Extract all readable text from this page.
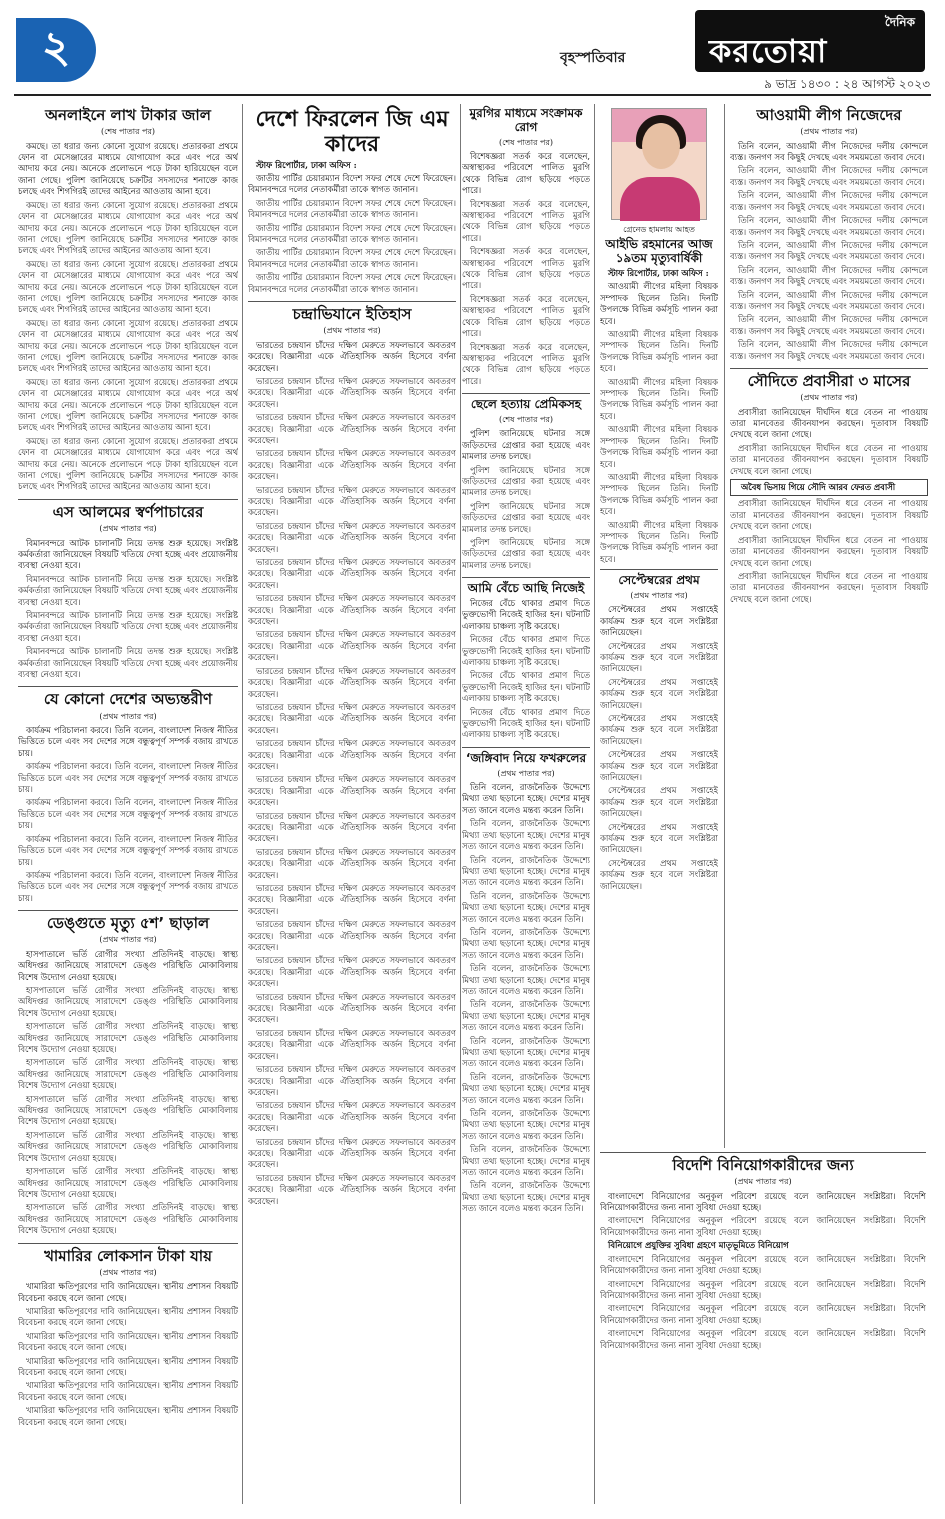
২	বৃহস্পতিবার
দৈনিক
করতোয়া
৯ ভাদ্র ১৪৩০ : ২৪ আগস্ট ২০২৩
অনলাইনে লাখ টাকার জাল
(শেষ পাতার পর)

কমছে। তা ধরার জন্য কোনো সুযোগ রয়েছে। প্রতারকরা প্রথমে ফোন বা মেসেঞ্জারের মাধ্যমে যোগাযোগ করে এবং পরে অর্থ আদায় করে নেয়। অনেকে প্রলোভনে পড়ে টাকা হারিয়েছেন বলে জানা গেছে। পুলিশ জানিয়েছে চক্রটির সদস্যদের শনাক্তে কাজ চলছে এবং শিগগিরই তাদের আইনের আওতায় আনা হবে।

কমছে। তা ধরার জন্য কোনো সুযোগ রয়েছে। প্রতারকরা প্রথমে ফোন বা মেসেঞ্জারের মাধ্যমে যোগাযোগ করে এবং পরে অর্থ আদায় করে নেয়। অনেকে প্রলোভনে পড়ে টাকা হারিয়েছেন বলে জানা গেছে। পুলিশ জানিয়েছে চক্রটির সদস্যদের শনাক্তে কাজ চলছে এবং শিগগিরই তাদের আইনের আওতায় আনা হবে।

কমছে। তা ধরার জন্য কোনো সুযোগ রয়েছে। প্রতারকরা প্রথমে ফোন বা মেসেঞ্জারের মাধ্যমে যোগাযোগ করে এবং পরে অর্থ আদায় করে নেয়। অনেকে প্রলোভনে পড়ে টাকা হারিয়েছেন বলে জানা গেছে। পুলিশ জানিয়েছে চক্রটির সদস্যদের শনাক্তে কাজ চলছে এবং শিগগিরই তাদের আইনের আওতায় আনা হবে।

কমছে। তা ধরার জন্য কোনো সুযোগ রয়েছে। প্রতারকরা প্রথমে ফোন বা মেসেঞ্জারের মাধ্যমে যোগাযোগ করে এবং পরে অর্থ আদায় করে নেয়। অনেকে প্রলোভনে পড়ে টাকা হারিয়েছেন বলে জানা গেছে। পুলিশ জানিয়েছে চক্রটির সদস্যদের শনাক্তে কাজ চলছে এবং শিগগিরই তাদের আইনের আওতায় আনা হবে।

কমছে। তা ধরার জন্য কোনো সুযোগ রয়েছে। প্রতারকরা প্রথমে ফোন বা মেসেঞ্জারের মাধ্যমে যোগাযোগ করে এবং পরে অর্থ আদায় করে নেয়। অনেকে প্রলোভনে পড়ে টাকা হারিয়েছেন বলে জানা গেছে। পুলিশ জানিয়েছে চক্রটির সদস্যদের শনাক্তে কাজ চলছে এবং শিগগিরই তাদের আইনের আওতায় আনা হবে।

কমছে। তা ধরার জন্য কোনো সুযোগ রয়েছে। প্রতারকরা প্রথমে ফোন বা মেসেঞ্জারের মাধ্যমে যোগাযোগ করে এবং পরে অর্থ আদায় করে নেয়। অনেকে প্রলোভনে পড়ে টাকা হারিয়েছেন বলে জানা গেছে। পুলিশ জানিয়েছে চক্রটির সদস্যদের শনাক্তে কাজ চলছে এবং শিগগিরই তাদের আইনের আওতায় আনা হবে।

এস আলমের স্বর্ণপাচারের
(প্রথম পাতার পর)

বিমানবন্দরে আটক চালানটি নিয়ে তদন্ত শুরু হয়েছে। সংশ্লিষ্ট কর্মকর্তারা জানিয়েছেন বিষয়টি খতিয়ে দেখা হচ্ছে এবং প্রয়োজনীয় ব্যবস্থা নেওয়া হবে।

বিমানবন্দরে আটক চালানটি নিয়ে তদন্ত শুরু হয়েছে। সংশ্লিষ্ট কর্মকর্তারা জানিয়েছেন বিষয়টি খতিয়ে দেখা হচ্ছে এবং প্রয়োজনীয় ব্যবস্থা নেওয়া হবে।

বিমানবন্দরে আটক চালানটি নিয়ে তদন্ত শুরু হয়েছে। সংশ্লিষ্ট কর্মকর্তারা জানিয়েছেন বিষয়টি খতিয়ে দেখা হচ্ছে এবং প্রয়োজনীয় ব্যবস্থা নেওয়া হবে।

বিমানবন্দরে আটক চালানটি নিয়ে তদন্ত শুরু হয়েছে। সংশ্লিষ্ট কর্মকর্তারা জানিয়েছেন বিষয়টি খতিয়ে দেখা হচ্ছে এবং প্রয়োজনীয় ব্যবস্থা নেওয়া হবে।

যে কোনো দেশের অভ্যন্তরীণ
(প্রথম পাতার পর)

কার্যক্রম পরিচালনা করবে। তিনি বলেন, বাংলাদেশ নিজস্ব নীতির ভিত্তিতে চলে এবং সব দেশের সঙ্গে বন্ধুত্বপূর্ণ সম্পর্ক বজায় রাখতে চায়।

কার্যক্রম পরিচালনা করবে। তিনি বলেন, বাংলাদেশ নিজস্ব নীতির ভিত্তিতে চলে এবং সব দেশের সঙ্গে বন্ধুত্বপূর্ণ সম্পর্ক বজায় রাখতে চায়।

কার্যক্রম পরিচালনা করবে। তিনি বলেন, বাংলাদেশ নিজস্ব নীতির ভিত্তিতে চলে এবং সব দেশের সঙ্গে বন্ধুত্বপূর্ণ সম্পর্ক বজায় রাখতে চায়।

কার্যক্রম পরিচালনা করবে। তিনি বলেন, বাংলাদেশ নিজস্ব নীতির ভিত্তিতে চলে এবং সব দেশের সঙ্গে বন্ধুত্বপূর্ণ সম্পর্ক বজায় রাখতে চায়।

কার্যক্রম পরিচালনা করবে। তিনি বলেন, বাংলাদেশ নিজস্ব নীতির ভিত্তিতে চলে এবং সব দেশের সঙ্গে বন্ধুত্বপূর্ণ সম্পর্ক বজায় রাখতে চায়।

ডেঙ্গুতে মৃত্যু ৫শ’ ছাড়াল
(প্রথম পাতার পর)

হাসপাতালে ভর্তি রোগীর সংখ্যা প্রতিদিনই বাড়ছে। স্বাস্থ্য অধিদপ্তর জানিয়েছে সারাদেশে ডেঙ্গু পরিস্থিতি মোকাবিলায় বিশেষ উদ্যোগ নেওয়া হয়েছে।

হাসপাতালে ভর্তি রোগীর সংখ্যা প্রতিদিনই বাড়ছে। স্বাস্থ্য অধিদপ্তর জানিয়েছে সারাদেশে ডেঙ্গু পরিস্থিতি মোকাবিলায় বিশেষ উদ্যোগ নেওয়া হয়েছে।

হাসপাতালে ভর্তি রোগীর সংখ্যা প্রতিদিনই বাড়ছে। স্বাস্থ্য অধিদপ্তর জানিয়েছে সারাদেশে ডেঙ্গু পরিস্থিতি মোকাবিলায় বিশেষ উদ্যোগ নেওয়া হয়েছে।

হাসপাতালে ভর্তি রোগীর সংখ্যা প্রতিদিনই বাড়ছে। স্বাস্থ্য অধিদপ্তর জানিয়েছে সারাদেশে ডেঙ্গু পরিস্থিতি মোকাবিলায় বিশেষ উদ্যোগ নেওয়া হয়েছে।

হাসপাতালে ভর্তি রোগীর সংখ্যা প্রতিদিনই বাড়ছে। স্বাস্থ্য অধিদপ্তর জানিয়েছে সারাদেশে ডেঙ্গু পরিস্থিতি মোকাবিলায় বিশেষ উদ্যোগ নেওয়া হয়েছে।

হাসপাতালে ভর্তি রোগীর সংখ্যা প্রতিদিনই বাড়ছে। স্বাস্থ্য অধিদপ্তর জানিয়েছে সারাদেশে ডেঙ্গু পরিস্থিতি মোকাবিলায় বিশেষ উদ্যোগ নেওয়া হয়েছে।

হাসপাতালে ভর্তি রোগীর সংখ্যা প্রতিদিনই বাড়ছে। স্বাস্থ্য অধিদপ্তর জানিয়েছে সারাদেশে ডেঙ্গু পরিস্থিতি মোকাবিলায় বিশেষ উদ্যোগ নেওয়া হয়েছে।

হাসপাতালে ভর্তি রোগীর সংখ্যা প্রতিদিনই বাড়ছে। স্বাস্থ্য অধিদপ্তর জানিয়েছে সারাদেশে ডেঙ্গু পরিস্থিতি মোকাবিলায় বিশেষ উদ্যোগ নেওয়া হয়েছে।

খামারির লোকসান টাকা যায়
(প্রথম পাতার পর)

খামারিরা ক্ষতিপূরণের দাবি জানিয়েছেন। স্থানীয় প্রশাসন বিষয়টি বিবেচনা করছে বলে জানা গেছে।

খামারিরা ক্ষতিপূরণের দাবি জানিয়েছেন। স্থানীয় প্রশাসন বিষয়টি বিবেচনা করছে বলে জানা গেছে।

খামারিরা ক্ষতিপূরণের দাবি জানিয়েছেন। স্থানীয় প্রশাসন বিষয়টি বিবেচনা করছে বলে জানা গেছে।

খামারিরা ক্ষতিপূরণের দাবি জানিয়েছেন। স্থানীয় প্রশাসন বিষয়টি বিবেচনা করছে বলে জানা গেছে।

খামারিরা ক্ষতিপূরণের দাবি জানিয়েছেন। স্থানীয় প্রশাসন বিষয়টি বিবেচনা করছে বলে জানা গেছে।

খামারিরা ক্ষতিপূরণের দাবি জানিয়েছেন। স্থানীয় প্রশাসন বিষয়টি বিবেচনা করছে বলে জানা গেছে।

দেশে ফিরলেন জি এম কাদের

স্টাফ রিপোর্টার, ঢাকা অফিস :

জাতীয় পার্টির চেয়ারম্যান বিদেশ সফর শেষে দেশে ফিরেছেন। বিমানবন্দরে দলের নেতাকর্মীরা তাকে স্বাগত জানান।

জাতীয় পার্টির চেয়ারম্যান বিদেশ সফর শেষে দেশে ফিরেছেন। বিমানবন্দরে দলের নেতাকর্মীরা তাকে স্বাগত জানান।

জাতীয় পার্টির চেয়ারম্যান বিদেশ সফর শেষে দেশে ফিরেছেন। বিমানবন্দরে দলের নেতাকর্মীরা তাকে স্বাগত জানান।

জাতীয় পার্টির চেয়ারম্যান বিদেশ সফর শেষে দেশে ফিরেছেন। বিমানবন্দরে দলের নেতাকর্মীরা তাকে স্বাগত জানান।

জাতীয় পার্টির চেয়ারম্যান বিদেশ সফর শেষে দেশে ফিরেছেন। বিমানবন্দরে দলের নেতাকর্মীরা তাকে স্বাগত জানান।

চন্দ্রাভিযানে ইতিহাস
(প্রথম পাতার পর)

ভারতের চন্দ্রযান চাঁদের দক্ষিণ মেরুতে সফলভাবে অবতরণ করেছে। বিজ্ঞানীরা একে ঐতিহাসিক অর্জন হিসেবে বর্ণনা করেছেন।

ভারতের চন্দ্রযান চাঁদের দক্ষিণ মেরুতে সফলভাবে অবতরণ করেছে। বিজ্ঞানীরা একে ঐতিহাসিক অর্জন হিসেবে বর্ণনা করেছেন।

ভারতের চন্দ্রযান চাঁদের দক্ষিণ মেরুতে সফলভাবে অবতরণ করেছে। বিজ্ঞানীরা একে ঐতিহাসিক অর্জন হিসেবে বর্ণনা করেছেন।

ভারতের চন্দ্রযান চাঁদের দক্ষিণ মেরুতে সফলভাবে অবতরণ করেছে। বিজ্ঞানীরা একে ঐতিহাসিক অর্জন হিসেবে বর্ণনা করেছেন।

ভারতের চন্দ্রযান চাঁদের দক্ষিণ মেরুতে সফলভাবে অবতরণ করেছে। বিজ্ঞানীরা একে ঐতিহাসিক অর্জন হিসেবে বর্ণনা করেছেন।

ভারতের চন্দ্রযান চাঁদের দক্ষিণ মেরুতে সফলভাবে অবতরণ করেছে। বিজ্ঞানীরা একে ঐতিহাসিক অর্জন হিসেবে বর্ণনা করেছেন।

ভারতের চন্দ্রযান চাঁদের দক্ষিণ মেরুতে সফলভাবে অবতরণ করেছে। বিজ্ঞানীরা একে ঐতিহাসিক অর্জন হিসেবে বর্ণনা করেছেন।

ভারতের চন্দ্রযান চাঁদের দক্ষিণ মেরুতে সফলভাবে অবতরণ করেছে। বিজ্ঞানীরা একে ঐতিহাসিক অর্জন হিসেবে বর্ণনা করেছেন।

ভারতের চন্দ্রযান চাঁদের দক্ষিণ মেরুতে সফলভাবে অবতরণ করেছে। বিজ্ঞানীরা একে ঐতিহাসিক অর্জন হিসেবে বর্ণনা করেছেন।

ভারতের চন্দ্রযান চাঁদের দক্ষিণ মেরুতে সফলভাবে অবতরণ করেছে। বিজ্ঞানীরা একে ঐতিহাসিক অর্জন হিসেবে বর্ণনা করেছেন।

ভারতের চন্দ্রযান চাঁদের দক্ষিণ মেরুতে সফলভাবে অবতরণ করেছে। বিজ্ঞানীরা একে ঐতিহাসিক অর্জন হিসেবে বর্ণনা করেছেন।

ভারতের চন্দ্রযান চাঁদের দক্ষিণ মেরুতে সফলভাবে অবতরণ করেছে। বিজ্ঞানীরা একে ঐতিহাসিক অর্জন হিসেবে বর্ণনা করেছেন।

ভারতের চন্দ্রযান চাঁদের দক্ষিণ মেরুতে সফলভাবে অবতরণ করেছে। বিজ্ঞানীরা একে ঐতিহাসিক অর্জন হিসেবে বর্ণনা করেছেন।

ভারতের চন্দ্রযান চাঁদের দক্ষিণ মেরুতে সফলভাবে অবতরণ করেছে। বিজ্ঞানীরা একে ঐতিহাসিক অর্জন হিসেবে বর্ণনা করেছেন।

ভারতের চন্দ্রযান চাঁদের দক্ষিণ মেরুতে সফলভাবে অবতরণ করেছে। বিজ্ঞানীরা একে ঐতিহাসিক অর্জন হিসেবে বর্ণনা করেছেন।

ভারতের চন্দ্রযান চাঁদের দক্ষিণ মেরুতে সফলভাবে অবতরণ করেছে। বিজ্ঞানীরা একে ঐতিহাসিক অর্জন হিসেবে বর্ণনা করেছেন।

ভারতের চন্দ্রযান চাঁদের দক্ষিণ মেরুতে সফলভাবে অবতরণ করেছে। বিজ্ঞানীরা একে ঐতিহাসিক অর্জন হিসেবে বর্ণনা করেছেন।

ভারতের চন্দ্রযান চাঁদের দক্ষিণ মেরুতে সফলভাবে অবতরণ করেছে। বিজ্ঞানীরা একে ঐতিহাসিক অর্জন হিসেবে বর্ণনা করেছেন।

ভারতের চন্দ্রযান চাঁদের দক্ষিণ মেরুতে সফলভাবে অবতরণ করেছে। বিজ্ঞানীরা একে ঐতিহাসিক অর্জন হিসেবে বর্ণনা করেছেন।

ভারতের চন্দ্রযান চাঁদের দক্ষিণ মেরুতে সফলভাবে অবতরণ করেছে। বিজ্ঞানীরা একে ঐতিহাসিক অর্জন হিসেবে বর্ণনা করেছেন।

ভারতের চন্দ্রযান চাঁদের দক্ষিণ মেরুতে সফলভাবে অবতরণ করেছে। বিজ্ঞানীরা একে ঐতিহাসিক অর্জন হিসেবে বর্ণনা করেছেন।

ভারতের চন্দ্রযান চাঁদের দক্ষিণ মেরুতে সফলভাবে অবতরণ করেছে। বিজ্ঞানীরা একে ঐতিহাসিক অর্জন হিসেবে বর্ণনা করেছেন।

ভারতের চন্দ্রযান চাঁদের দক্ষিণ মেরুতে সফলভাবে অবতরণ করেছে। বিজ্ঞানীরা একে ঐতিহাসিক অর্জন হিসেবে বর্ণনা করেছেন।

ভারতের চন্দ্রযান চাঁদের দক্ষিণ মেরুতে সফলভাবে অবতরণ করেছে। বিজ্ঞানীরা একে ঐতিহাসিক অর্জন হিসেবে বর্ণনা করেছেন।

মুরগির মাধ্যমে সংক্রামক রোগ
(শেষ পাতার পর)

বিশেষজ্ঞরা সতর্ক করে বলেছেন, অস্বাস্থ্যকর পরিবেশে পালিত মুরগি থেকে বিভিন্ন রোগ ছড়িয়ে পড়তে পারে।

বিশেষজ্ঞরা সতর্ক করে বলেছেন, অস্বাস্থ্যকর পরিবেশে পালিত মুরগি থেকে বিভিন্ন রোগ ছড়িয়ে পড়তে পারে।

বিশেষজ্ঞরা সতর্ক করে বলেছেন, অস্বাস্থ্যকর পরিবেশে পালিত মুরগি থেকে বিভিন্ন রোগ ছড়িয়ে পড়তে পারে।

বিশেষজ্ঞরা সতর্ক করে বলেছেন, অস্বাস্থ্যকর পরিবেশে পালিত মুরগি থেকে বিভিন্ন রোগ ছড়িয়ে পড়তে পারে।

বিশেষজ্ঞরা সতর্ক করে বলেছেন, অস্বাস্থ্যকর পরিবেশে পালিত মুরগি থেকে বিভিন্ন রোগ ছড়িয়ে পড়তে পারে।

ছেলে হত্যায় প্রেমিকসহ
(শেষ পাতার পর)

পুলিশ জানিয়েছে ঘটনার সঙ্গে জড়িতদের গ্রেপ্তার করা হয়েছে এবং মামলার তদন্ত চলছে।

পুলিশ জানিয়েছে ঘটনার সঙ্গে জড়িতদের গ্রেপ্তার করা হয়েছে এবং মামলার তদন্ত চলছে।

পুলিশ জানিয়েছে ঘটনার সঙ্গে জড়িতদের গ্রেপ্তার করা হয়েছে এবং মামলার তদন্ত চলছে।

পুলিশ জানিয়েছে ঘটনার সঙ্গে জড়িতদের গ্রেপ্তার করা হয়েছে এবং মামলার তদন্ত চলছে।

আমি বেঁচে আছি নিজেই

নিজের বেঁচে থাকার প্রমাণ দিতে ভুক্তভোগী নিজেই হাজির হন। ঘটনাটি এলাকায় চাঞ্চল্য সৃষ্টি করেছে।

নিজের বেঁচে থাকার প্রমাণ দিতে ভুক্তভোগী নিজেই হাজির হন। ঘটনাটি এলাকায় চাঞ্চল্য সৃষ্টি করেছে।

নিজের বেঁচে থাকার প্রমাণ দিতে ভুক্তভোগী নিজেই হাজির হন। ঘটনাটি এলাকায় চাঞ্চল্য সৃষ্টি করেছে।

নিজের বেঁচে থাকার প্রমাণ দিতে ভুক্তভোগী নিজেই হাজির হন। ঘটনাটি এলাকায় চাঞ্চল্য সৃষ্টি করেছে।

‘জঙ্গিবাদ নিয়ে ফখরুলের
(প্রথম পাতার পর)

তিনি বলেন, রাজনৈতিক উদ্দেশ্যে মিথ্যা তথ্য ছড়ানো হচ্ছে। দেশের মানুষ সত্য জানে বলেও মন্তব্য করেন তিনি।

তিনি বলেন, রাজনৈতিক উদ্দেশ্যে মিথ্যা তথ্য ছড়ানো হচ্ছে। দেশের মানুষ সত্য জানে বলেও মন্তব্য করেন তিনি।

তিনি বলেন, রাজনৈতিক উদ্দেশ্যে মিথ্যা তথ্য ছড়ানো হচ্ছে। দেশের মানুষ সত্য জানে বলেও মন্তব্য করেন তিনি।

তিনি বলেন, রাজনৈতিক উদ্দেশ্যে মিথ্যা তথ্য ছড়ানো হচ্ছে। দেশের মানুষ সত্য জানে বলেও মন্তব্য করেন তিনি।

তিনি বলেন, রাজনৈতিক উদ্দেশ্যে মিথ্যা তথ্য ছড়ানো হচ্ছে। দেশের মানুষ সত্য জানে বলেও মন্তব্য করেন তিনি।

তিনি বলেন, রাজনৈতিক উদ্দেশ্যে মিথ্যা তথ্য ছড়ানো হচ্ছে। দেশের মানুষ সত্য জানে বলেও মন্তব্য করেন তিনি।

তিনি বলেন, রাজনৈতিক উদ্দেশ্যে মিথ্যা তথ্য ছড়ানো হচ্ছে। দেশের মানুষ সত্য জানে বলেও মন্তব্য করেন তিনি।

তিনি বলেন, রাজনৈতিক উদ্দেশ্যে মিথ্যা তথ্য ছড়ানো হচ্ছে। দেশের মানুষ সত্য জানে বলেও মন্তব্য করেন তিনি।

তিনি বলেন, রাজনৈতিক উদ্দেশ্যে মিথ্যা তথ্য ছড়ানো হচ্ছে। দেশের মানুষ সত্য জানে বলেও মন্তব্য করেন তিনি।

তিনি বলেন, রাজনৈতিক উদ্দেশ্যে মিথ্যা তথ্য ছড়ানো হচ্ছে। দেশের মানুষ সত্য জানে বলেও মন্তব্য করেন তিনি।

তিনি বলেন, রাজনৈতিক উদ্দেশ্যে মিথ্যা তথ্য ছড়ানো হচ্ছে। দেশের মানুষ সত্য জানে বলেও মন্তব্য করেন তিনি।

তিনি বলেন, রাজনৈতিক উদ্দেশ্যে মিথ্যা তথ্য ছড়ানো হচ্ছে। দেশের মানুষ সত্য জানে বলেও মন্তব্য করেন তিনি।

গ্রেনেড হামলায় আহত
আইভি রহমানের আজ ১৯তম মৃত্যুবার্ষিকী

স্টাফ রিপোর্টার, ঢাকা অফিস :

আওয়ামী লীগের মহিলা বিষয়ক সম্পাদক ছিলেন তিনি। দিনটি উপলক্ষে বিভিন্ন কর্মসূচি পালন করা হবে।

আওয়ামী লীগের মহিলা বিষয়ক সম্পাদক ছিলেন তিনি। দিনটি উপলক্ষে বিভিন্ন কর্মসূচি পালন করা হবে।

আওয়ামী লীগের মহিলা বিষয়ক সম্পাদক ছিলেন তিনি। দিনটি উপলক্ষে বিভিন্ন কর্মসূচি পালন করা হবে।

আওয়ামী লীগের মহিলা বিষয়ক সম্পাদক ছিলেন তিনি। দিনটি উপলক্ষে বিভিন্ন কর্মসূচি পালন করা হবে।

আওয়ামী লীগের মহিলা বিষয়ক সম্পাদক ছিলেন তিনি। দিনটি উপলক্ষে বিভিন্ন কর্মসূচি পালন করা হবে।

আওয়ামী লীগের মহিলা বিষয়ক সম্পাদক ছিলেন তিনি। দিনটি উপলক্ষে বিভিন্ন কর্মসূচি পালন করা হবে।

সেপ্টেম্বরের প্রথম
(প্রথম পাতার পর)

সেপ্টেম্বরের প্রথম সপ্তাহেই কার্যক্রম শুরু হবে বলে সংশ্লিষ্টরা জানিয়েছেন।

সেপ্টেম্বরের প্রথম সপ্তাহেই কার্যক্রম শুরু হবে বলে সংশ্লিষ্টরা জানিয়েছেন।

সেপ্টেম্বরের প্রথম সপ্তাহেই কার্যক্রম শুরু হবে বলে সংশ্লিষ্টরা জানিয়েছেন।

সেপ্টেম্বরের প্রথম সপ্তাহেই কার্যক্রম শুরু হবে বলে সংশ্লিষ্টরা জানিয়েছেন।

সেপ্টেম্বরের প্রথম সপ্তাহেই কার্যক্রম শুরু হবে বলে সংশ্লিষ্টরা জানিয়েছেন।

সেপ্টেম্বরের প্রথম সপ্তাহেই কার্যক্রম শুরু হবে বলে সংশ্লিষ্টরা জানিয়েছেন।

সেপ্টেম্বরের প্রথম সপ্তাহেই কার্যক্রম শুরু হবে বলে সংশ্লিষ্টরা জানিয়েছেন।

সেপ্টেম্বরের প্রথম সপ্তাহেই কার্যক্রম শুরু হবে বলে সংশ্লিষ্টরা জানিয়েছেন।

আওয়ামী লীগ নিজেদের
(প্রথম পাতার পর)

তিনি বলেন, আওয়ামী লীগ নিজেদের দলীয় কোন্দলে ব্যস্ত। জনগণ সব কিছুই দেখছে এবং সময়মতো জবাব দেবে।

তিনি বলেন, আওয়ামী লীগ নিজেদের দলীয় কোন্দলে ব্যস্ত। জনগণ সব কিছুই দেখছে এবং সময়মতো জবাব দেবে।

তিনি বলেন, আওয়ামী লীগ নিজেদের দলীয় কোন্দলে ব্যস্ত। জনগণ সব কিছুই দেখছে এবং সময়মতো জবাব দেবে।

তিনি বলেন, আওয়ামী লীগ নিজেদের দলীয় কোন্দলে ব্যস্ত। জনগণ সব কিছুই দেখছে এবং সময়মতো জবাব দেবে।

তিনি বলেন, আওয়ামী লীগ নিজেদের দলীয় কোন্দলে ব্যস্ত। জনগণ সব কিছুই দেখছে এবং সময়মতো জবাব দেবে।

তিনি বলেন, আওয়ামী লীগ নিজেদের দলীয় কোন্দলে ব্যস্ত। জনগণ সব কিছুই দেখছে এবং সময়মতো জবাব দেবে।

তিনি বলেন, আওয়ামী লীগ নিজেদের দলীয় কোন্দলে ব্যস্ত। জনগণ সব কিছুই দেখছে এবং সময়মতো জবাব দেবে।

তিনি বলেন, আওয়ামী লীগ নিজেদের দলীয় কোন্দলে ব্যস্ত। জনগণ সব কিছুই দেখছে এবং সময়মতো জবাব দেবে।

তিনি বলেন, আওয়ামী লীগ নিজেদের দলীয় কোন্দলে ব্যস্ত। জনগণ সব কিছুই দেখছে এবং সময়মতো জবাব দেবে।

সৌদিতে প্রবাসীরা ৩ মাসের
(প্রথম পাতার পর)

প্রবাসীরা জানিয়েছেন দীর্ঘদিন ধরে বেতন না পাওয়ায় তারা মানবেতর জীবনযাপন করছেন। দূতাবাস বিষয়টি দেখছে বলে জানা গেছে।

প্রবাসীরা জানিয়েছেন দীর্ঘদিন ধরে বেতন না পাওয়ায় তারা মানবেতর জীবনযাপন করছেন। দূতাবাস বিষয়টি দেখছে বলে জানা গেছে।

অবৈধ ভিসায় গিয়ে সৌদি আরব ফেরত প্রবাসী

প্রবাসীরা জানিয়েছেন দীর্ঘদিন ধরে বেতন না পাওয়ায় তারা মানবেতর জীবনযাপন করছেন। দূতাবাস বিষয়টি দেখছে বলে জানা গেছে।

প্রবাসীরা জানিয়েছেন দীর্ঘদিন ধরে বেতন না পাওয়ায় তারা মানবেতর জীবনযাপন করছেন। দূতাবাস বিষয়টি দেখছে বলে জানা গেছে।

প্রবাসীরা জানিয়েছেন দীর্ঘদিন ধরে বেতন না পাওয়ায় তারা মানবেতর জীবনযাপন করছেন। দূতাবাস বিষয়টি দেখছে বলে জানা গেছে।

বিদেশি বিনিয়োগকারীদের জন্য
(প্রথম পাতার পর)

বাংলাদেশে বিনিয়োগের অনুকূল পরিবেশ রয়েছে বলে জানিয়েছেন সংশ্লিষ্টরা। বিদেশি বিনিয়োগকারীদের জন্য নানা সুবিধা দেওয়া হচ্ছে।

বাংলাদেশে বিনিয়োগের অনুকূল পরিবেশ রয়েছে বলে জানিয়েছেন সংশ্লিষ্টরা। বিদেশি বিনিয়োগকারীদের জন্য নানা সুবিধা দেওয়া হচ্ছে।

বিনিয়োগে প্রযুক্তির সুবিধা গ্রহণে মাতৃভূমিতে বিনিয়োগ

বাংলাদেশে বিনিয়োগের অনুকূল পরিবেশ রয়েছে বলে জানিয়েছেন সংশ্লিষ্টরা। বিদেশি বিনিয়োগকারীদের জন্য নানা সুবিধা দেওয়া হচ্ছে।

বাংলাদেশে বিনিয়োগের অনুকূল পরিবেশ রয়েছে বলে জানিয়েছেন সংশ্লিষ্টরা। বিদেশি বিনিয়োগকারীদের জন্য নানা সুবিধা দেওয়া হচ্ছে।

বাংলাদেশে বিনিয়োগের অনুকূল পরিবেশ রয়েছে বলে জানিয়েছেন সংশ্লিষ্টরা। বিদেশি বিনিয়োগকারীদের জন্য নানা সুবিধা দেওয়া হচ্ছে।

বাংলাদেশে বিনিয়োগের অনুকূল পরিবেশ রয়েছে বলে জানিয়েছেন সংশ্লিষ্টরা। বিদেশি বিনিয়োগকারীদের জন্য নানা সুবিধা দেওয়া হচ্ছে।
